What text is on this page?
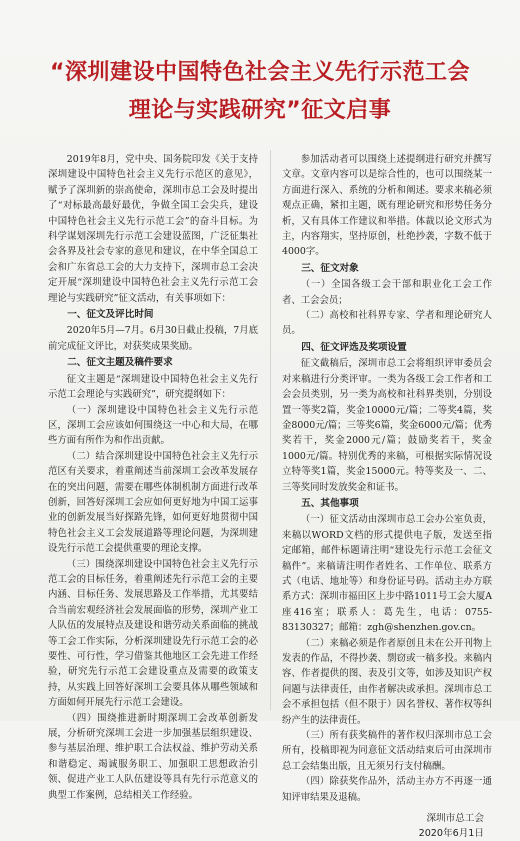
“深圳建设中国特色社会主义先行示范工会
理论与实践研究”征文启事

2019年8月，党中央、国务院印发《关于支持深圳建设中国特色社会主义先行示范区的意见》，赋予了深圳新的崇高使命，深圳市总工会及时提出了“对标最高最好最优，争做全国工会尖兵，建设中国特色社会主义先行示范工会”的奋斗目标。为科学谋划深圳先行示范工会建设蓝图，广泛征集社会各界及社会专家的意见和建议，在中华全国总工会和广东省总工会的大力支持下，深圳市总工会决定开展“深圳建设中国特色社会主义先行示范工会理论与实践研究”征文活动，有关事项如下：

一、征文及评比时间

2020年5月—7月。6月30日截止投稿，7月底前完成征文评比，对获奖成果奖励。

二、征文主题及稿件要求

征文主题是“深圳建设中国特色社会主义先行示范工会理论与实践研究”，研究提纲如下：

（一）深圳建设中国特色社会主义先行示范区，深圳工会应该如何围绕这一中心和大局，在哪些方面有所作为和作出贡献。

（二）结合深圳建设中国特色社会主义先行示范区有关要求，着重阐述当前深圳工会改革发展存在的突出问题，需要在哪些体制机制方面进行改革创新，回答好深圳工会应如何更好地为中国工运事业的创新发展当好探路先锋，如何更好地贯彻中国特色社会主义工会发展道路等理论问题，为深圳建设先行示范工会提供重要的理论支撑。

（三）围绕深圳建设中国特色社会主义先行示范工会的目标任务，着重阐述先行示范工会的主要内涵、目标任务、发展思路及工作举措，尤其要结合当前宏观经济社会发展面临的形势，深圳产业工人队伍的发展特点及建设和谐劳动关系面临的挑战等工会工作实际，分析深圳建设先行示范工会的必要性、可行性，学习借鉴其他地区工会先进工作经验，研究先行示范工会建设重点及需要的政策支持，从实践上回答好深圳工会要具体从哪些领域和方面如何开展先行示范工会建设。

（四）围绕推进新时期深圳工会改革创新发展，分析研究深圳工会进一步加强基层组织建设、参与基层治理、维护职工合法权益、维护劳动关系和谐稳定、竭诚服务职工、加强职工思想政治引领、促进产业工人队伍建设等具有先行示范意义的典型工作案例，总结相关工作经验。

参加活动者可以围绕上述提纲进行研究并撰写文章。文章内容可以是综合性的，也可以围绕某一方面进行深入、系统的分析和阐述。要求来稿必须观点正确，紧扣主题，既有理论研究和形势任务分析，又有具体工作建议和举措。体裁以论文形式为主，内容翔实，坚持原创，杜绝抄袭，字数不低于4000字。

三、征文对象

（一）全国各级工会干部和职业化工会工作者、工会会员；

（二）高校和社科界专家、学者和理论研究人员。

四、征文评选及奖项设置

征文截稿后，深圳市总工会将组织评审委员会对来稿进行分类评审。一类为各级工会工作者和工会会员类别，另一类为高校和社科界类别，分别设置一等奖2篇，奖金10000元/篇；二等奖4篇，奖金8000元/篇；三等奖6篇，奖金6000元/篇；优秀奖若干，奖金2000元/篇；鼓励奖若干，奖金1000元/篇。特别优秀的来稿，可根据实际情况设立特等奖1篇，奖金15000元。特等奖及一、二、三等奖同时发放奖金和证书。

五、其他事项

（一）征文活动由深圳市总工会办公室负责，来稿以WORD文档的形式提供电子版，发送至指定邮箱，邮件标题请注明“建设先行示范工会征文稿件”。来稿请注明作者姓名、工作单位、联系方式（电话、地址等）和身份证号码。活动主办方联系方式：深圳市福田区上步中路1011号工会大厦A座416室；联系人：葛先生，电话：0755-83130327；邮箱：zgh@shenzhen.gov.cn。

（二）来稿必须是作者原创且未在公开刊物上发表的作品，不得抄袭、剽窃或一稿多投。来稿内容、作者提供的图、表及引文等，如涉及知识产权问题与法律责任，由作者解决或承担。深圳市总工会不承担包括（但不限于）因名誉权、著作权等纠纷产生的法律责任。

（三）所有获奖稿件的著作权归深圳市总工会所有，投稿即视为同意征文活动结束后可由深圳市总工会结集出版，且无须另行支付稿酬。

（四）除获奖作品外，活动主办方不再逐一通知评审结果及退稿。

深圳市总工会
2020年6月1日
